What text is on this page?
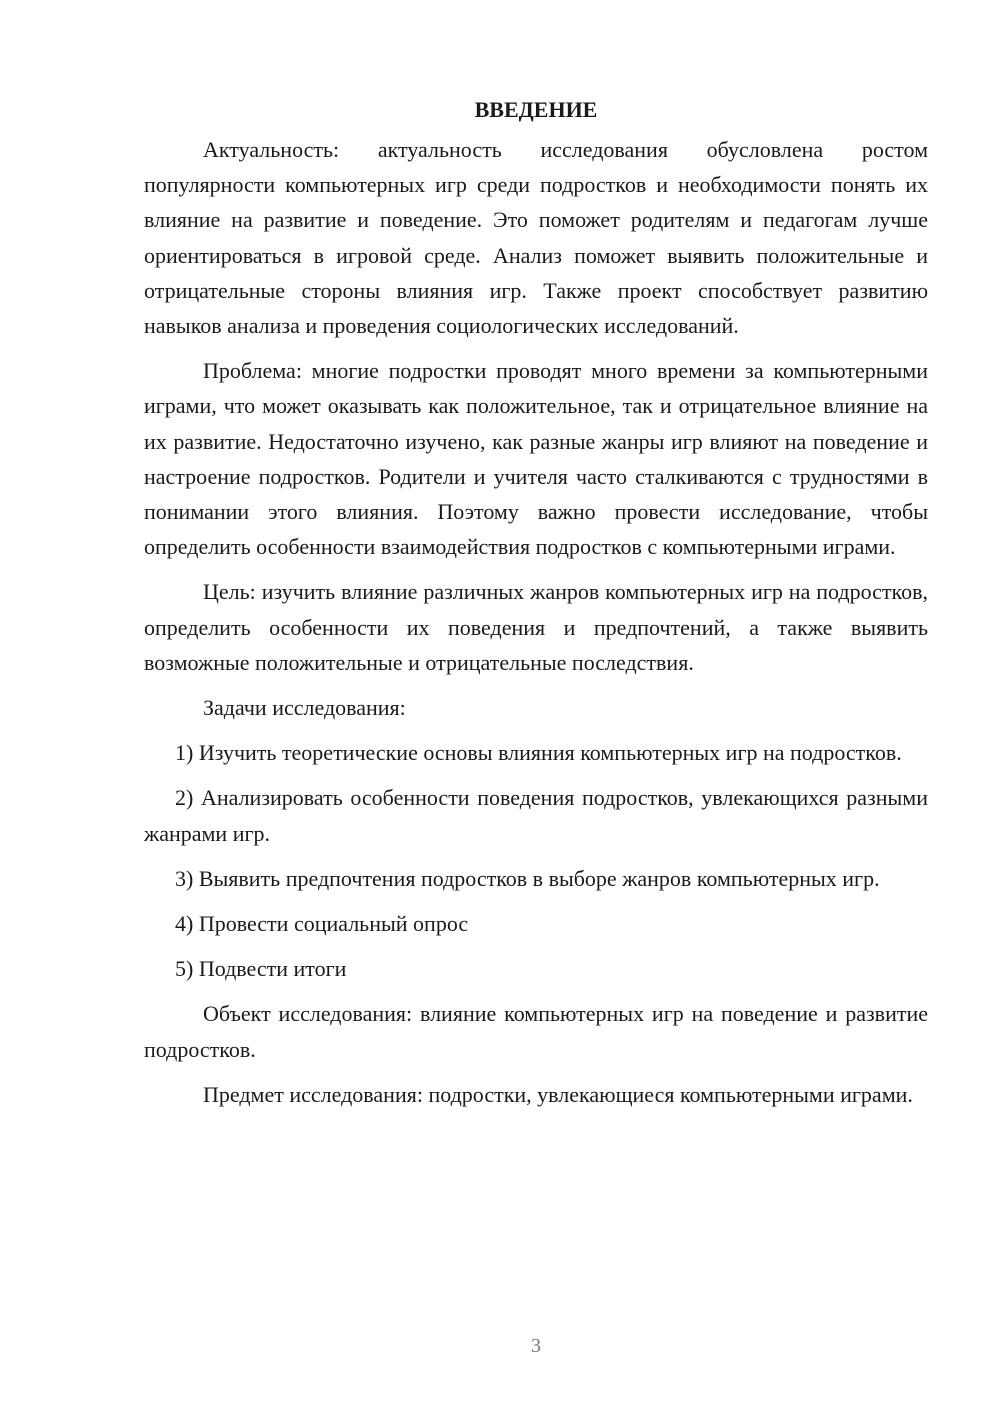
ВВЕДЕНИЕ

Актуальность: актуальность исследования обусловлена ростом популярности компьютерных игр среди подростков и необходимости понять их влияние на развитие и поведение. Это поможет родителям и педагогам лучше ориентироваться в игровой среде. Анализ поможет выявить положительные и отрицательные стороны влияния игр. Также проект способствует развитию навыков анализа и проведения социологических исследований.

Проблема: многие подростки проводят много времени за компьютерными играми, что может оказывать как положительное, так и отрицательное влияние на их развитие. Недостаточно изучено, как разные жанры игр влияют на поведение и настроение подростков. Родители и учителя часто сталкиваются с трудностями в понимании этого влияния. Поэтому важно провести исследование, чтобы определить особенности взаимодействия подростков с компьютерными играми.

Цель: изучить влияние различных жанров компьютерных игр на подростков, определить особенности их поведения и предпочтений, а также выявить возможные положительные и отрицательные последствия.

Задачи исследования:

1) Изучить теоретические основы влияния компьютерных игр на подростков.

2) Анализировать особенности поведения подростков, увлекающихся разными жанрами игр.

3) Выявить предпочтения подростков в выборе жанров компьютерных игр.

4) Провести социальный опрос

5) Подвести итоги

Объект исследования: влияние компьютерных игр на поведение и развитие подростков.

Предмет исследования: подростки, увлекающиеся компьютерными играми.

3
